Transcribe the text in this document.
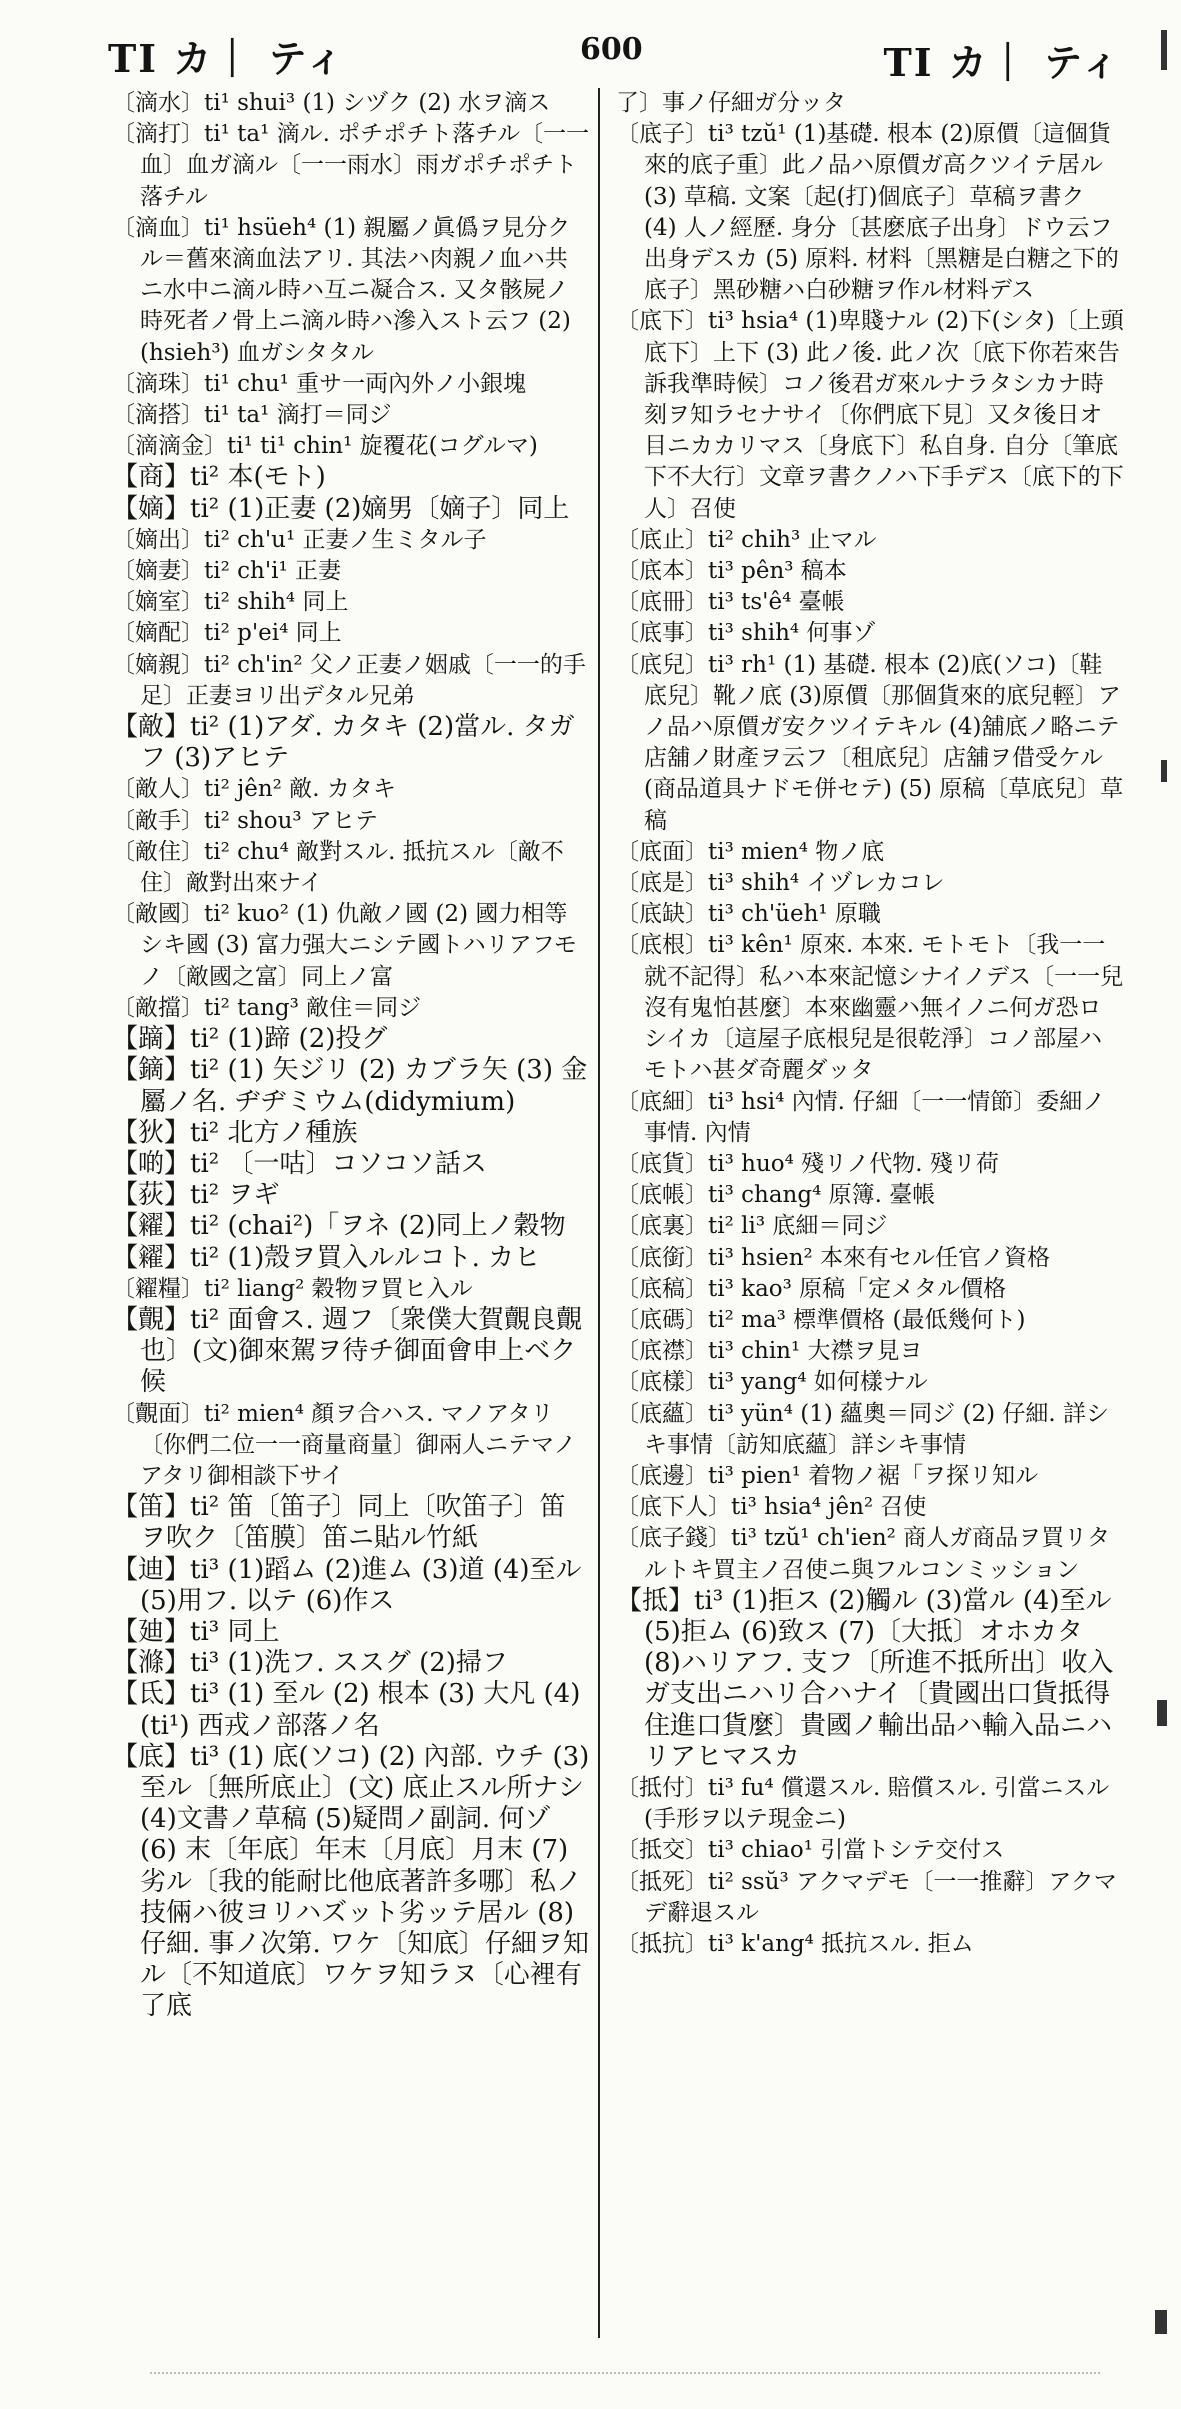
TI カ｜ ティ	600	TI カ｜ ティ
〔滴水〕ti¹ shui³ (1) シヅク (2) 水ヲ滴ス
〔滴打〕ti¹ ta¹ 滴ル. ポチポチト落チル〔一一血〕血ガ滴ル〔一一雨水〕雨ガポチポチト落チル
〔滴血〕ti¹ hsüeh⁴ (1) 親屬ノ眞僞ヲ見分クル＝舊來滴血法アリ. 其法ハ肉親ノ血ハ共ニ水中ニ滴ル時ハ互ニ凝合ス. 又タ骸屍ノ時死者ノ骨上ニ滴ル時ハ滲入スト云フ (2)(hsieh³) 血ガシタタル
〔滴珠〕ti¹ chu¹ 重サ一両內外ノ小銀塊
〔滴搭〕ti¹ ta¹ 滴打＝同ジ
〔滴滴金〕ti¹ ti¹ chin¹ 旋覆花(コグルマ)
【商】ti² 本(モト)
【嫡】ti² (1)正妻 (2)嫡男〔嫡子〕同上
〔嫡出〕ti² ch'u¹ 正妻ノ生ミタル子
〔嫡妻〕ti² ch'i¹ 正妻
〔嫡室〕ti² shih⁴ 同上
〔嫡配〕ti² p'ei⁴ 同上
〔嫡親〕ti² ch'in² 父ノ正妻ノ姻戚〔一一的手足〕正妻ヨリ出デタル兄弟
【敵】ti² (1)アダ. カタキ (2)當ル. タガフ (3)アヒテ
〔敵人〕ti² jên² 敵. カタキ
〔敵手〕ti² shou³ アヒテ
〔敵住〕ti² chu⁴ 敵對スル. 抵抗スル〔敵不住〕敵對出來ナイ
〔敵國〕ti² kuo² (1) 仇敵ノ國 (2) 國力相等シキ國 (3) 富力强大ニシテ國トハリアフモノ〔敵國之富〕同上ノ富
〔敵擋〕ti² tang³ 敵住＝同ジ
【蹢】ti² (1)蹄 (2)投グ
【鏑】ti² (1) 矢ジリ (2) カブラ矢 (3) 金屬ノ名. ヂヂミウム(didymium)
【狄】ti² 北方ノ種族
【啲】ti² 〔一咕〕コソコソ話ス
【荻】ti² ヲギ
【糴】ti² (chai²)「ヲネ (2)同上ノ穀物
【糴】ti² (1)殼ヲ買入ルルコト. カヒ
〔糴糧〕ti² liang² 穀物ヲ買ヒ入ル
【覿】ti² 面會ス. 週フ〔衆僕大賀覿良覿也〕(文)御來駕ヲ待チ御面會申上ベク候
〔覿面〕ti² mien⁴ 顏ヲ合ハス. マノアタリ〔你們二位一一商量商量〕御兩人ニテマノアタリ御相談下サイ
【笛】ti² 笛〔笛子〕同上〔吹笛子〕笛ヲ吹ク〔笛膜〕笛ニ貼ル竹紙
【迪】ti³ (1)蹈ム (2)進ム (3)道 (4)至ル (5)用フ. 以テ (6)作ス
【廸】ti³ 同上
【滌】ti³ (1)洗フ. ススグ (2)掃フ
【氐】ti³ (1) 至ル (2) 根本 (3) 大凡 (4)(ti¹) 西戎ノ部落ノ名
【底】ti³ (1) 底(ソコ) (2) 內部. ウチ (3) 至ル〔無所底止〕(文) 底止スル所ナシ (4)文書ノ草稿 (5)疑問ノ副詞. 何ゾ (6) 末〔年底〕年末〔月底〕月末 (7)劣ル〔我的能耐比他底著許多哪〕私ノ技倆ハ彼ヨリハズット劣ッテ居ル (8) 仔細. 事ノ次第. ワケ〔知底〕仔細ヲ知ル〔不知道底〕ワケヲ知ラヌ〔心裡有了底
了〕事ノ仔細ガ分ッタ
〔底子〕ti³ tzŭ¹ (1)基礎. 根本 (2)原價〔這個貨來的底子重〕此ノ品ハ原價ガ高クツイテ居ル (3) 草稿. 文案〔起(打)個底子〕草稿ヲ書ク (4) 人ノ經歷. 身分〔甚麽底子出身〕ドウ云フ出身デスカ (5) 原料. 材料〔黑糖是白糖之下的底子〕黑砂糖ハ白砂糖ヲ作ル材料デス
〔底下〕ti³ hsia⁴ (1)卑賤ナル (2)下(シタ)〔上頭底下〕上下 (3) 此ノ後. 此ノ次〔底下你若來告訴我準時候〕コノ後君ガ來ルナラタシカナ時刻ヲ知ラセナサイ〔你們底下見〕又タ後日オ目ニカカリマス〔身底下〕私自身. 自分〔筆底下不大行〕文章ヲ書クノハ下手デス〔底下的下人〕召使
〔底止〕ti² chih³ 止マル
〔底本〕ti³ pên³ 稿本
〔底冊〕ti³ ts'ê⁴ 臺帳
〔底事〕ti³ shih⁴ 何事ゾ
〔底兒〕ti³ rh¹ (1) 基礎. 根本 (2)底(ソコ)〔鞋底兒〕靴ノ底 (3)原價〔那個貨來的底兒輕〕アノ品ハ原價ガ安クツイテキル (4)舖底ノ略ニテ店舖ノ財產ヲ云フ〔租底兒〕店舖ヲ借受ケル(商品道具ナドモ併セテ) (5) 原稿〔草底兒〕草稿
〔底面〕ti³ mien⁴ 物ノ底
〔底是〕ti³ shih⁴ イヅレカコレ
〔底缺〕ti³ ch'üeh¹ 原職
〔底根〕ti³ kên¹ 原來. 本來. モトモト〔我一一就不記得〕私ハ本來記憶シナイノデス〔一一兒沒有鬼怕甚麼〕本來幽靈ハ無イノニ何ガ恐ロシイカ〔這屋子底根兒是很乾淨〕コノ部屋ハモトハ甚ダ奇麗ダッタ
〔底細〕ti³ hsi⁴ 內情. 仔細〔一一情節〕委細ノ事情. 內情
〔底貨〕ti³ huo⁴ 殘リノ代物. 殘リ荷
〔底帳〕ti³ chang⁴ 原簿. 臺帳
〔底裏〕ti² li³ 底細＝同ジ
〔底銜〕ti³ hsien² 本來有セル任官ノ資格
〔底稿〕ti³ kao³ 原稿「定メタル價格
〔底碼〕ti² ma³ 標準價格 (最低幾何ト)
〔底襟〕ti³ chin¹ 大襟ヲ見ヨ
〔底樣〕ti³ yang⁴ 如何樣ナル
〔底蘊〕ti³ yün⁴ (1) 蘊奧＝同ジ (2) 仔細. 詳シキ事情〔訪知底蘊〕詳シキ事情
〔底邊〕ti³ pien¹ 着物ノ裾「ヲ探リ知ル
〔底下人〕ti³ hsia⁴ jên² 召使
〔底子錢〕ti³ tzŭ¹ ch'ien² 商人ガ商品ヲ買リタルトキ買主ノ召使ニ與フルコンミッション
【抵】ti³ (1)拒ス (2)觸ル (3)當ル (4)至ル (5)拒ム (6)致ス (7)〔大抵〕オホカタ (8)ハリアフ. 支フ〔所進不抵所出〕收入ガ支出ニハリ合ハナイ〔貴國出口貨抵得住進口貨麼〕貴國ノ輸出品ハ輸入品ニハリアヒマスカ
〔抵付〕ti³ fu⁴ 償還スル. 賠償スル. 引當ニスル(手形ヲ以テ現金ニ)
〔抵交〕ti³ chiao¹ 引當トシテ交付ス
〔抵死〕ti² ssŭ³ アクマデモ〔一一推辭〕アクマデ辭退スル
〔抵抗〕ti³ k'ang⁴ 抵抗スル. 拒ム
